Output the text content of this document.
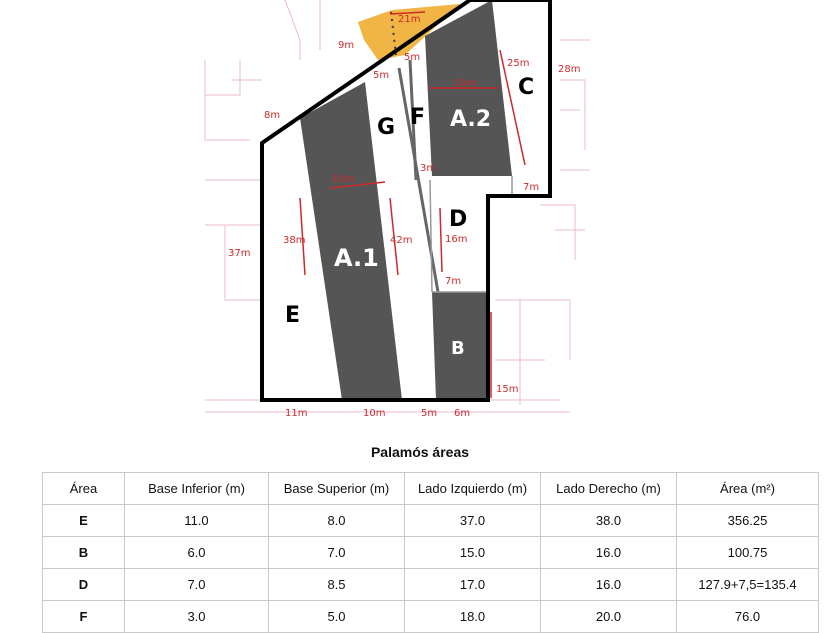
A.1
A.2
B
C
D
E
F
G
21m
9m
5m
5m
10m
25m
28m
8m
3m
7m
10m
38m	42m	16m
7m
37m
15m
11m	10m	5m 6m
Palamós áreas
Área	Base Inferior (m)	Base Superior (m)	Lado Izquierdo (m)	Lado Derecho (m)	Área (m²)
E	11.0	8.0	37.0	38.0	356.25
B	6.0	7.0	15.0	16.0	100.75
D	7.0	8.5	17.0	16.0	127.9+7,5=135.4
F	3.0	5.0	18.0	20.0	76.0
